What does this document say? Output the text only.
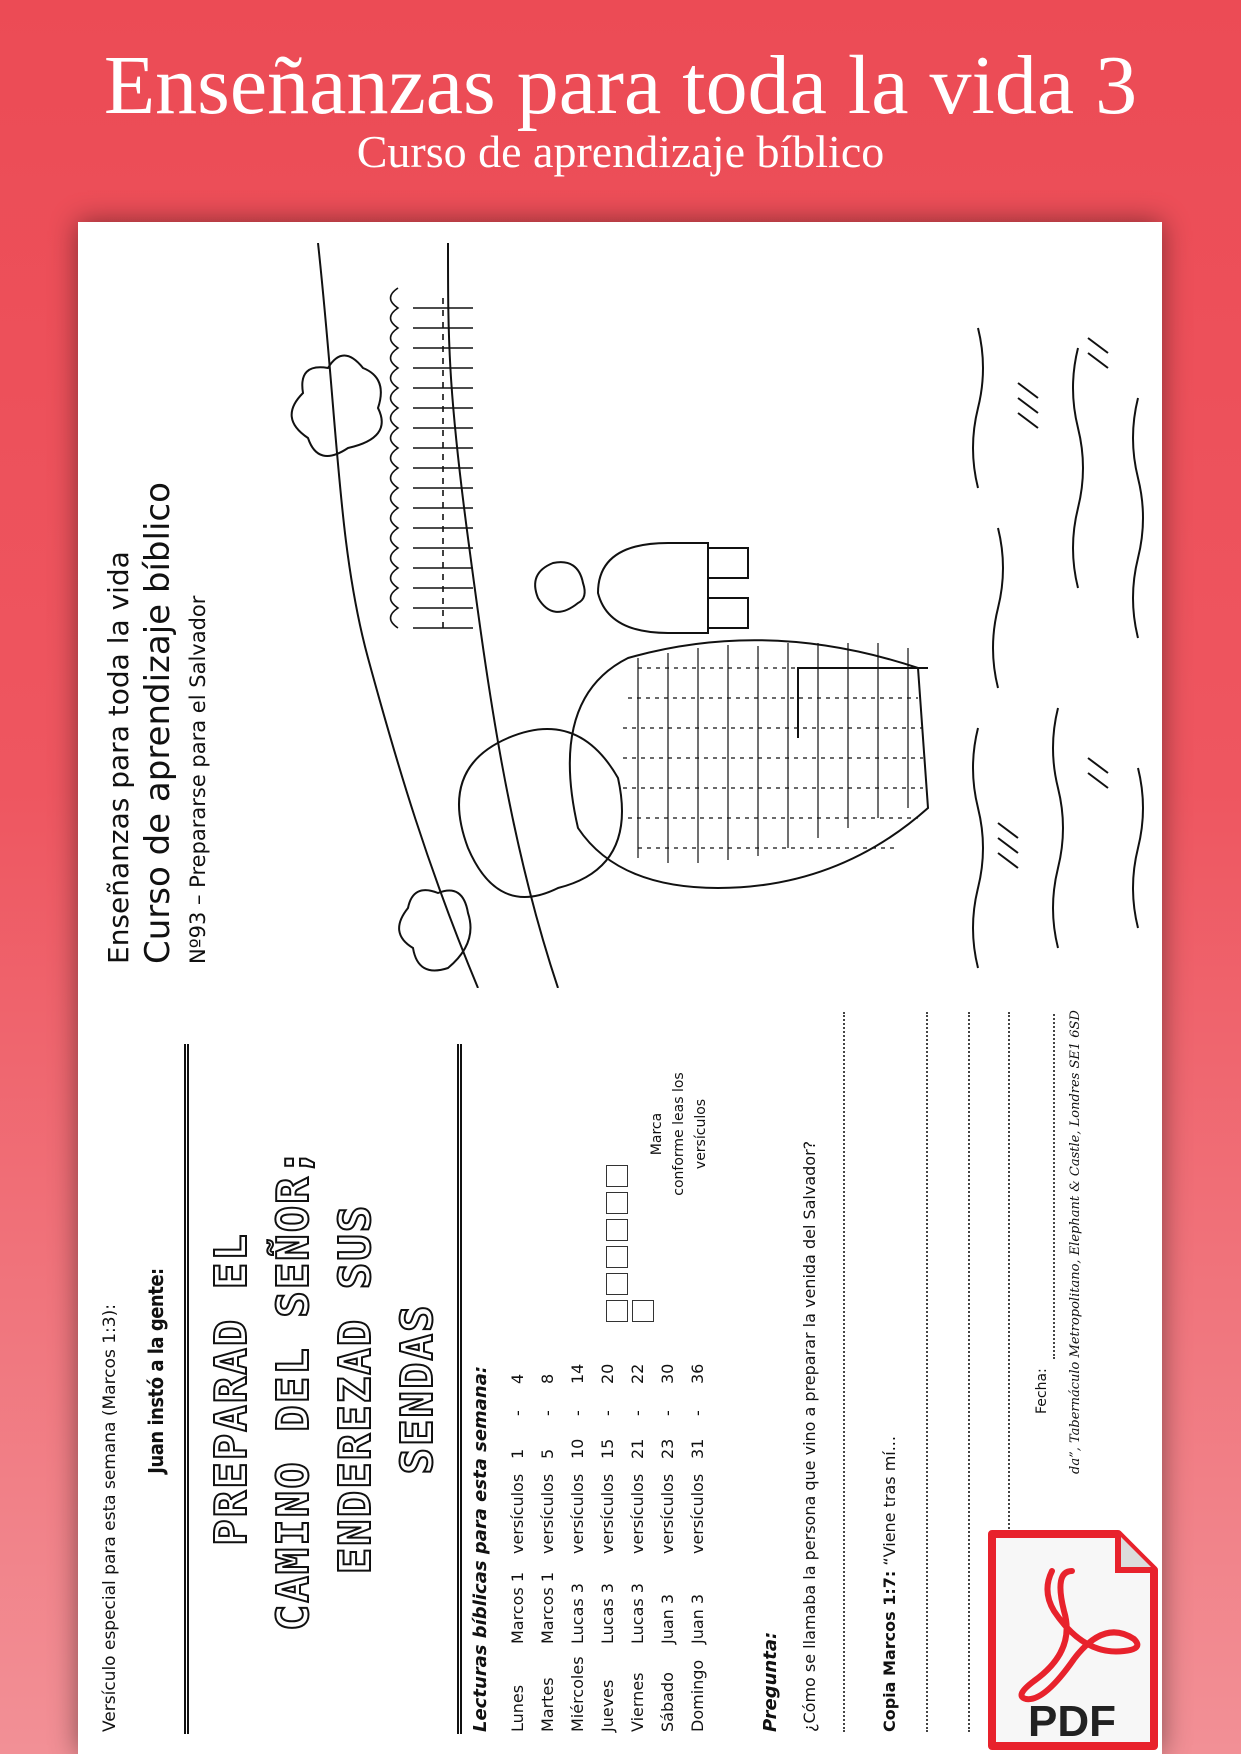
Enseñanzas para toda la vida 3
Curso de aprendizaje bíblico
Versículo especial para esta semana (Marcos 1:3): Juan instó a la gente: PREPARAD EL CAMINO DEL SEÑOR; ENDEREZAD SUS SENDAS	Lecturas bíblicas para esta semana: Lunes
Marcos 1
versículos
1
-
4
Martes
Marcos 1
versículos
5
-
8
Miércoles
Lucas 3
versículos
10
-
14
Jueves
Lucas 3
versículos
15
-
20
Viernes
Lucas 3
versículos
21
-
22
Sábado
Juan 3
versículos
23
-
30
Domingo
Juan 3
versículos
31
-
36
Marca conforme leas los versículos
Pregunta: ¿Cómo se llamaba la persona que vino a preparar la venida del Salvador?	Copia Marcos 1:7: “Viene tras mí...
Fecha: da”, Tabernáculo Metropolitano, Elephant & Castle, Londres SE1 6SD
Enseñanzas para toda la vida Curso de aprendizaje bíblico Nº93 – Prepararse para el Salvador
PDF
